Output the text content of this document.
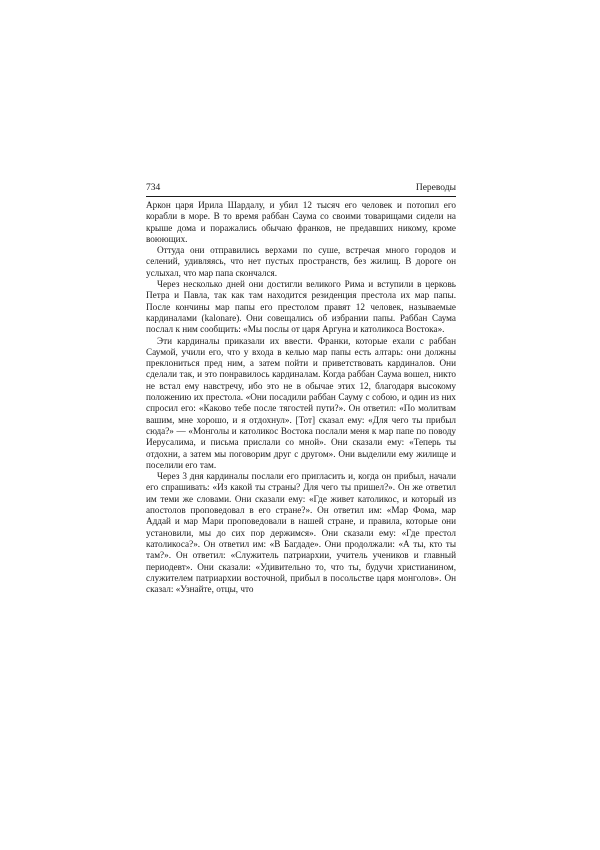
734	Переводы

Аркон царя Ирила Шардалу, и убил 12 тысяч его человек и потопил его корабли в море. В то время раббан Саума со своими товарищами сидели на крыше дома и поражались обычаю франков, не предавших никому, кроме воюющих.

Оттуда они отправились верхами по суше, встречая много городов и селений, удивляясь, что нет пустых пространств, без жилищ. В дороге он услыхал, что мар папа скончался.

Через несколько дней они достигли великого Рима и вступили в церковь Петра и Павла, так как там находится резиденция престола их мар папы. После кончины мар папы его престолом правят 12 человек, называемые кардиналами (kalonare). Они совещались об избрании папы. Раббан Саума послал к ним сообщить: «Мы послы от царя Аргуна и католикоса Востока».

Эти кардиналы приказали их ввести. Франки, которые ехали с раббан Саумой, учили его, что у входа в келью мар папы есть алтарь: они должны преклониться пред ним, а затем пойти и приветствовать кардиналов. Они сделали так, и это понравилось кардиналам. Когда раббан Саума вошел, никто не встал ему навстречу, ибо это не в обычае этих 12, благодаря высокому положению их престола. «Они посадили раббан Сауму с собою, и один из них спросил его: «Каково тебе после тягостей пути?». Он ответил: «По молитвам вашим, мне хорошо, и я отдохнул». [Тот] сказал ему: «Для чего ты прибыл сюда?» — «Монголы и католикос Востока послали меня к мар папе по поводу Иерусалима, и письма прислали со мной». Они сказали ему: «Теперь ты отдохни, а затем мы поговорим друг с другом». Они выделили ему жилище и поселили его там.

Через 3 дня кардиналы послали его пригласить и, когда он прибыл, начали его спрашивать: «Из какой ты страны? Для чего ты пришел?». Он же ответил им теми же словами. Они сказали ему: «Где живет католикос, и который из апостолов проповедовал в его стране?». Он ответил им: «Мар Фома, мар Аддай и мар Мари проповедовали в нашей стране, и правила, которые они установили, мы до сих пор держимся». Они сказали ему: «Где престол католикоса?». Он ответил им: «В Багдаде». Они продолжали: «А ты, кто ты там?». Он ответил: «Служитель патриархии, учитель учеников и главный периодевт». Они сказали: «Удивительно то, что ты, будучи христианином, служителем патриархии восточной, прибыл в посольстве царя монголов». Он сказал: «Узнайте, отцы, что
